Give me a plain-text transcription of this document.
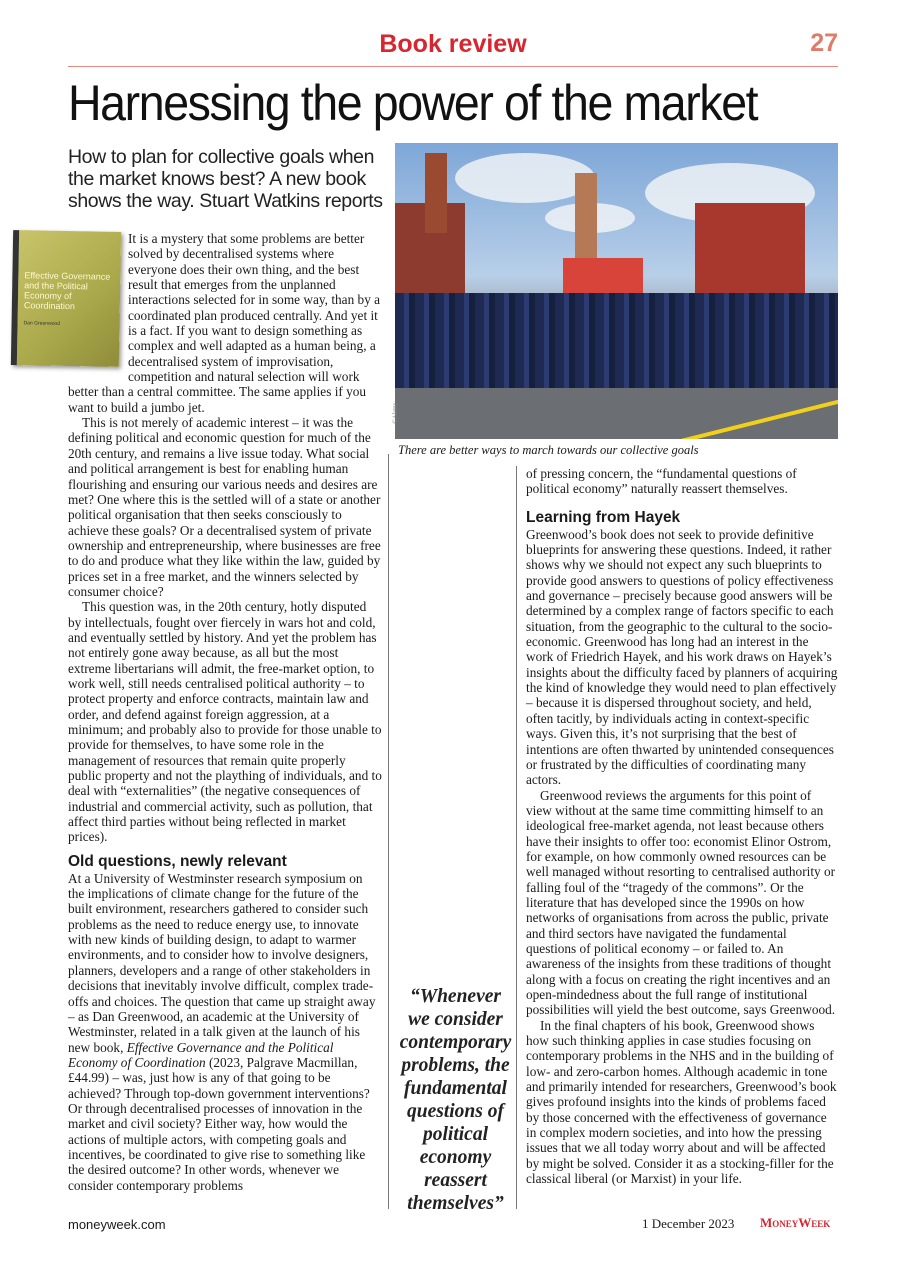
Book review	27
Harnessing the power of the market
How to plan for collective goals when the market knows best? A new book shows the way. Stuart Watkins reports
©Alamy
There are better ways to march towards our collective goals
Effective Governance and the Political Economy of Coordination
Dan Greenwood

It is a mystery that some problems are better solved by decentralised systems where everyone does their own thing, and the best result that emerges from the unplanned interactions selected for in some way, than by a coordinated plan produced centrally. And yet it is a fact. If you want to design something as complex and well adapted as a human being, a decentralised system of improvisation, competition and natural selection will work better than a central committee. The same applies if you want to build a jumbo jet.

This is not merely of academic interest – it was the defining political and economic question for much of the 20th century, and remains a live issue today. What social and political arrangement is best for enabling human flourishing and ensuring our various needs and desires are met? One where this is the settled will of a state or another political organisation that then seeks consciously to achieve these goals? Or a decentralised system of private ownership and entrepreneurship, where businesses are free to do and produce what they like within the law, guided by prices set in a free market, and the winners selected by consumer choice?

This question was, in the 20th century, hotly disputed by intellectuals, fought over fiercely in wars hot and cold, and eventually settled by history. And yet the problem has not entirely gone away because, as all but the most extreme libertarians will admit, the free-market option, to work well, still needs centralised political authority – to protect property and enforce contracts, maintain law and order, and defend against foreign aggression, at a minimum; and probably also to provide for those unable to provide for themselves, to have some role in the management of resources that remain quite properly public property and not the plaything of individuals, and to deal with “externalities” (the negative consequences of industrial and commercial activity, such as pollution, that affect third parties without being reflected in market prices).

Old questions, newly relevant

At a University of Westminster research symposium on the implications of climate change for the future of the built environment, researchers gathered to consider such problems as the need to reduce energy use, to innovate with new kinds of building design, to adapt to warmer environments, and to consider how to involve designers, planners, developers and a range of other stakeholders in decisions that inevitably involve difficult, complex trade-offs and choices. The question that came up straight away – as Dan Greenwood, an academic at the University of Westminster, related in a talk given at the launch of his new book, Effective Governance and the Political Economy of Coordination (2023, Palgrave Macmillan, £44.99) – was, just how is any of that going to be achieved? Through top-down government interventions? Or through decentralised processes of innovation in the market and civil society? Either way, how would the actions of multiple actors, with competing goals and incentives, be coordinated to give rise to something like the desired outcome? In other words, whenever we consider contemporary problems

“Whenever we consider contemporary problems, the fundamental questions of political economy reassert themselves”

of pressing concern, the “fundamental questions of political economy” naturally reassert themselves.

Learning from Hayek

Greenwood’s book does not seek to provide definitive blueprints for answering these questions. Indeed, it rather shows why we should not expect any such blueprints to provide good answers to questions of policy effectiveness and governance – precisely because good answers will be determined by a complex range of factors specific to each situation, from the geographic to the cultural to the socio-economic. Greenwood has long had an interest in the work of Friedrich Hayek, and his work draws on Hayek’s insights about the difficulty faced by planners of acquiring the kind of knowledge they would need to plan effectively – because it is dispersed throughout society, and held, often tacitly, by individuals acting in context-specific ways. Given this, it’s not surprising that the best of intentions are often thwarted by unintended consequences or frustrated by the difficulties of coordinating many actors.

Greenwood reviews the arguments for this point of view without at the same time committing himself to an ideological free-market agenda, not least because others have their insights to offer too: economist Elinor Ostrom, for example, on how commonly owned resources can be well managed without resorting to centralised authority or falling foul of the “tragedy of the commons”. Or the literature that has developed since the 1990s on how networks of organisations from across the public, private and third sectors have navigated the fundamental questions of political economy – or failed to. An awareness of the insights from these traditions of thought along with a focus on creating the right incentives and an open-mindedness about the full range of institutional possibilities will yield the best outcome, says Greenwood.

In the final chapters of his book, Greenwood shows how such thinking applies in case studies focusing on contemporary problems in the NHS and in the building of low- and zero-carbon homes. Although academic in tone and primarily intended for researchers, Greenwood’s book gives profound insights into the kinds of problems faced by those concerned with the effectiveness of governance in complex modern societies, and into how the pressing issues that we all today worry about and will be affected by might be solved. Consider it as a stocking-filler for the classical liberal (or Marxist) in your life.

moneyweek.com	1 December 2023 MoneyWeek
